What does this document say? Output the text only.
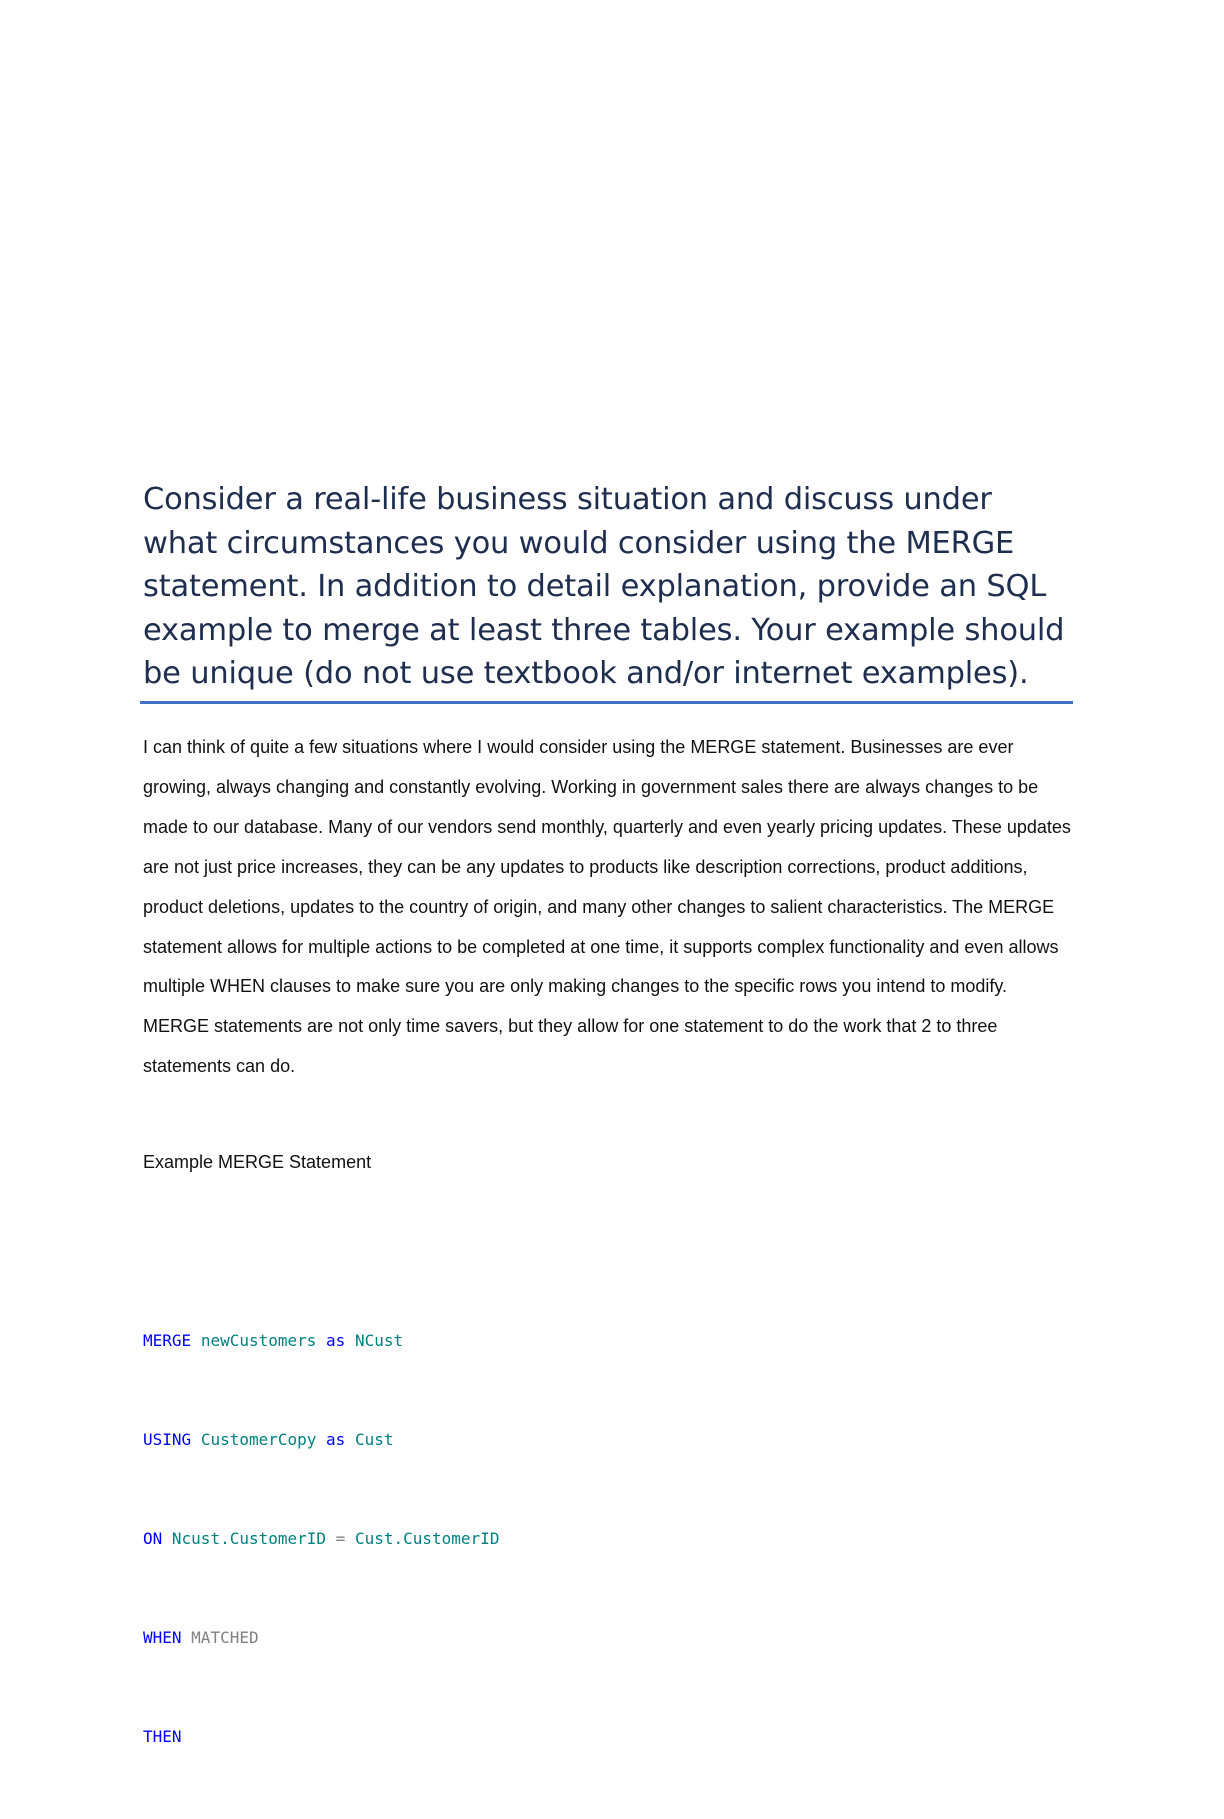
Consider a real-life business situation and discuss under what circumstances you would consider using the MERGE statement. In addition to detail explanation, provide an SQL example to merge at least three tables. Your example should be unique (do not use textbook and/or internet examples).

I can think of quite a few situations where I would consider using the MERGE statement. Businesses are ever growing, always changing and constantly evolving. Working in government sales there are always changes to be made to our database. Many of our vendors send monthly, quarterly and even yearly pricing updates. These updates are not just price increases, they can be any updates to products like description corrections, product additions, product deletions, updates to the country of origin, and many other changes to salient characteristics. The MERGE statement allows for multiple actions to be completed at one time, it supports complex functionality and even allows multiple WHEN clauses to make sure you are only making changes to the specific rows you intend to modify. MERGE statements are not only time savers, but they allow for one statement to do the work that 2 to three statements can do.

Example MERGE Statement

MERGE newCustomers as NCust

USING CustomerCopy as Cust

ON Ncust.CustomerID = Cust.CustomerID

WHEN MATCHED

THEN
